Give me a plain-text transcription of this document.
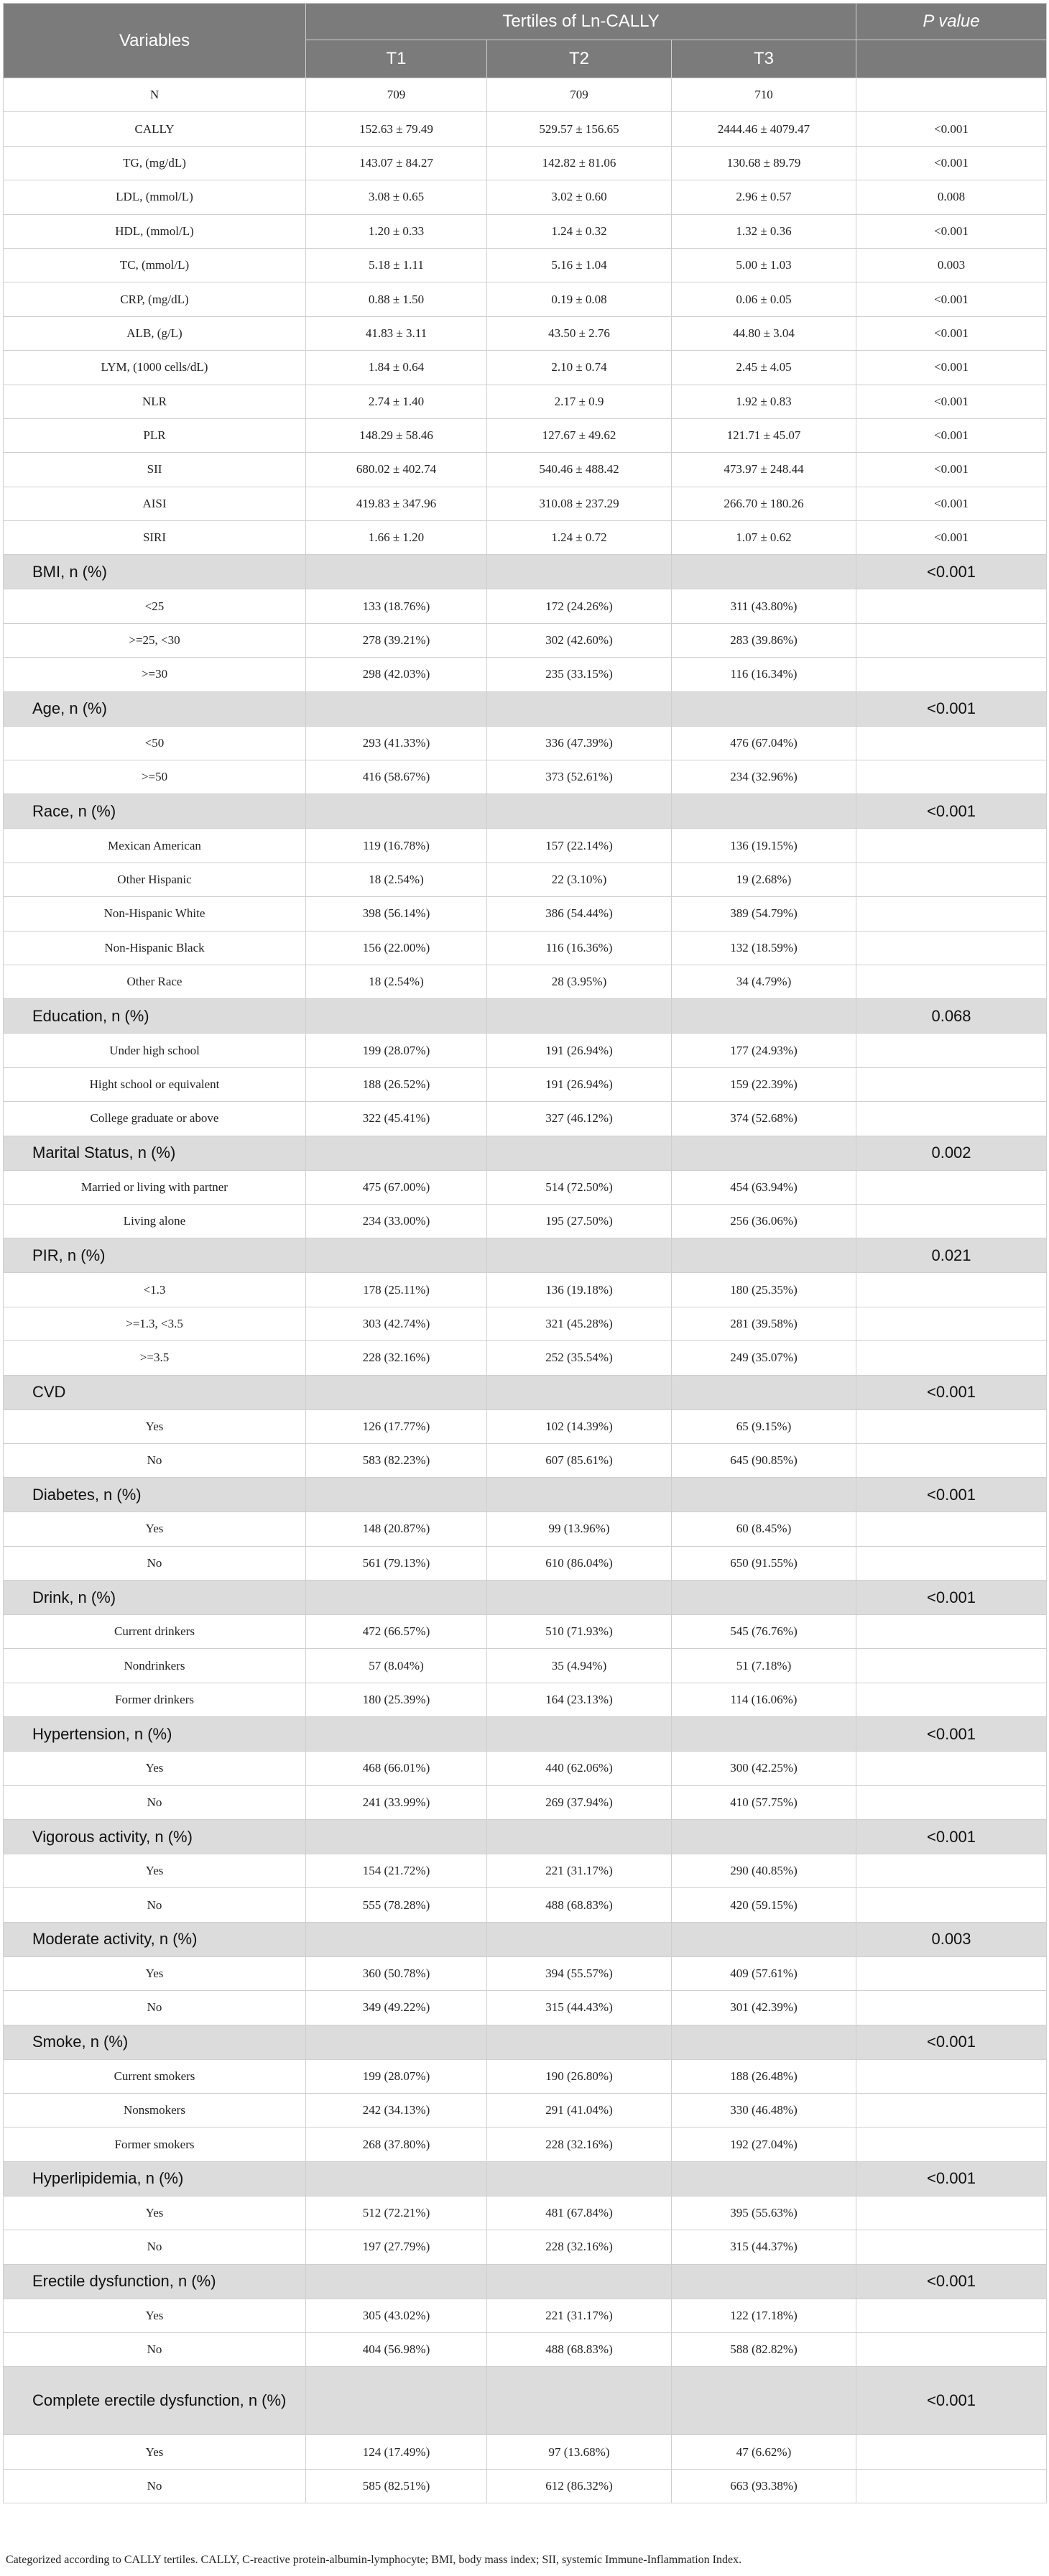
Variables	Tertiles of Ln-CALLY			P value
	T1	T2	T3	
N	709	709	710	
CALLY	152.63 ± 79.49	529.57 ± 156.65	2444.46 ± 4079.47	<0.001
TG, (mg/dL)	143.07 ± 84.27	142.82 ± 81.06	130.68 ± 89.79	<0.001
LDL, (mmol/L)	3.08 ± 0.65	3.02 ± 0.60	2.96 ± 0.57	0.008
HDL, (mmol/L)	1.20 ± 0.33	1.24 ± 0.32	1.32 ± 0.36	<0.001
TC, (mmol/L)	5.18 ± 1.11	5.16 ± 1.04	5.00 ± 1.03	0.003
CRP, (mg/dL)	0.88 ± 1.50	0.19 ± 0.08	0.06 ± 0.05	<0.001
ALB, (g/L)	41.83 ± 3.11	43.50 ± 2.76	44.80 ± 3.04	<0.001
LYM, (1000 cells/dL)	1.84 ± 0.64	2.10 ± 0.74	2.45 ± 4.05	<0.001
NLR	2.74 ± 1.40	2.17 ± 0.9	1.92 ± 0.83	<0.001
PLR	148.29 ± 58.46	127.67 ± 49.62	121.71 ± 45.07	<0.001
SII	680.02 ± 402.74	540.46 ± 488.42	473.97 ± 248.44	<0.001
AISI	419.83 ± 347.96	310.08 ± 237.29	266.70 ± 180.26	<0.001
SIRI	1.66 ± 1.20	1.24 ± 0.72	1.07 ± 0.62	<0.001
BMI, n (%)				<0.001
<25	133 (18.76%)	172 (24.26%)	311 (43.80%)	
>=25, <30	278 (39.21%)	302 (42.60%)	283 (39.86%)	
>=30	298 (42.03%)	235 (33.15%)	116 (16.34%)	
Age, n (%)				<0.001
<50	293 (41.33%)	336 (47.39%)	476 (67.04%)	
>=50	416 (58.67%)	373 (52.61%)	234 (32.96%)	
Race, n (%)				<0.001
Mexican American	119 (16.78%)	157 (22.14%)	136 (19.15%)	
Other Hispanic	18 (2.54%)	22 (3.10%)	19 (2.68%)	
Non-Hispanic White	398 (56.14%)	386 (54.44%)	389 (54.79%)	
Non-Hispanic Black	156 (22.00%)	116 (16.36%)	132 (18.59%)	
Other Race	18 (2.54%)	28 (3.95%)	34 (4.79%)	
Education, n (%)				0.068
Under high school	199 (28.07%)	191 (26.94%)	177 (24.93%)	
Hight school or equivalent	188 (26.52%)	191 (26.94%)	159 (22.39%)	
College graduate or above	322 (45.41%)	327 (46.12%)	374 (52.68%)	
Marital Status, n (%)				0.002
Married or living with partner	475 (67.00%)	514 (72.50%)	454 (63.94%)	
Living alone	234 (33.00%)	195 (27.50%)	256 (36.06%)	
PIR, n (%)				0.021
<1.3	178 (25.11%)	136 (19.18%)	180 (25.35%)	
>=1.3, <3.5	303 (42.74%)	321 (45.28%)	281 (39.58%)	
>=3.5	228 (32.16%)	252 (35.54%)	249 (35.07%)	
CVD				<0.001
Yes	126 (17.77%)	102 (14.39%)	65 (9.15%)	
No	583 (82.23%)	607 (85.61%)	645 (90.85%)	
Diabetes, n (%)				<0.001
Yes	148 (20.87%)	99 (13.96%)	60 (8.45%)	
No	561 (79.13%)	610 (86.04%)	650 (91.55%)	
Drink, n (%)				<0.001
Current drinkers	472 (66.57%)	510 (71.93%)	545 (76.76%)	
Nondrinkers	57 (8.04%)	35 (4.94%)	51 (7.18%)	
Former drinkers	180 (25.39%)	164 (23.13%)	114 (16.06%)	
Hypertension, n (%)				<0.001
Yes	468 (66.01%)	440 (62.06%)	300 (42.25%)	
No	241 (33.99%)	269 (37.94%)	410 (57.75%)	
Vigorous activity, n (%)				<0.001
Yes	154 (21.72%)	221 (31.17%)	290 (40.85%)	
No	555 (78.28%)	488 (68.83%)	420 (59.15%)	
Moderate activity, n (%)				0.003
Yes	360 (50.78%)	394 (55.57%)	409 (57.61%)	
No	349 (49.22%)	315 (44.43%)	301 (42.39%)	
Smoke, n (%)				<0.001
Current smokers	199 (28.07%)	190 (26.80%)	188 (26.48%)	
Nonsmokers	242 (34.13%)	291 (41.04%)	330 (46.48%)	
Former smokers	268 (37.80%)	228 (32.16%)	192 (27.04%)	
Hyperlipidemia, n (%)				<0.001
Yes	512 (72.21%)	481 (67.84%)	395 (55.63%)	
No	197 (27.79%)	228 (32.16%)	315 (44.37%)	
Erectile dysfunction, n (%)				<0.001
Yes	305 (43.02%)	221 (31.17%)	122 (17.18%)	
No	404 (56.98%)	488 (68.83%)	588 (82.82%)	
Complete erectile dysfunction, n (%)				<0.001
Yes	124 (17.49%)	97 (13.68%)	47 (6.62%)	
No	585 (82.51%)	612 (86.32%)	663 (93.38%)	
Categorized according to CALLY tertiles. CALLY, C-reactive protein-albumin-lymphocyte; BMI, body mass index; SII, systemic Immune-Inflammation Index.
